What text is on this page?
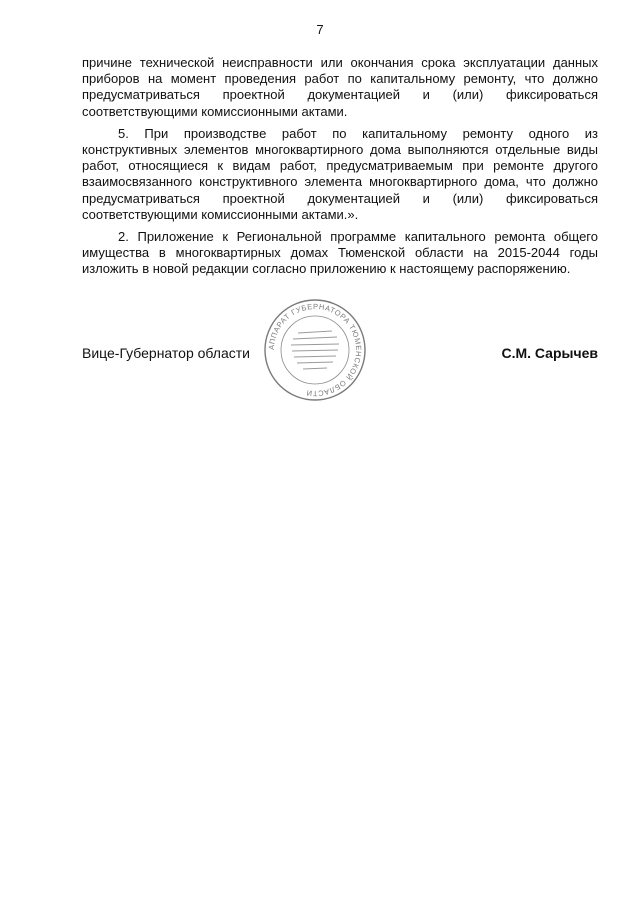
7

причине технической неисправности или окончания срока эксплуатации данных приборов на момент проведения работ по капитальному ремонту, что должно предусматриваться проектной документацией и (или) фиксироваться соответствующими комиссионными актами.

5. При производстве работ по капитальному ремонту одного из конструктивных элементов многоквартирного дома выполняются отдельные виды работ, относящиеся к видам работ, предусматриваемым при ремонте другого взаимосвязанного конструктивного элемента многоквартирного дома, что должно предусматриваться проектной документацией и (или) фиксироваться соответствующими комиссионными актами.».

2. Приложение к Региональной программе капитального ремонта общего имущества в многоквартирных домах Тюменской области на 2015-2044 годы изложить в новой редакции согласно приложению к настоящему распоряжению.

Вице-Губернатор области АППАРАТ ГУБЕРНАТОРА ТЮМЕНСКОЙ ОБЛАСТИ
С.М. Сарычев
